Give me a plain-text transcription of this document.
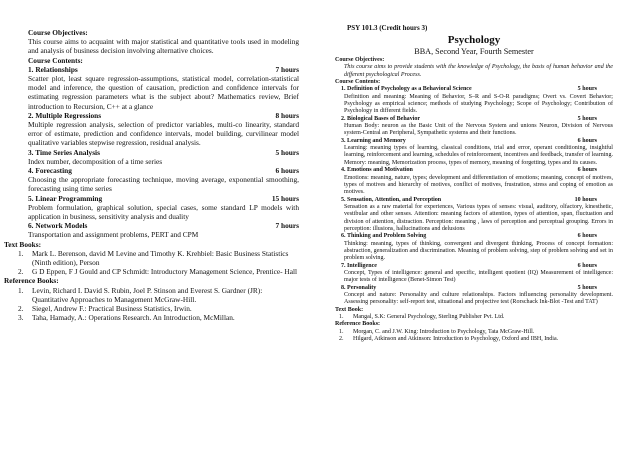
Course Objectives:
This course aims to acquaint with major statistical and quantitative tools used in modeling and analysis of business decision involving alternative choices.
Course Contents:
1. Relationships	7 hours
Scatter plot, least square regression-assumptions, statistical model, correlation-statistical model and inference, the question of causation, prediction and confidence intervals for estimating regression parameters what is the subject about? Mathematics review, Brief introduction to Recursion, C++ at a glance
2. Multiple Regressions	8 hours
Multiple regression analysis, selection of predictor variables, multi-co linearity, standard error of estimate, prediction and confidence intervals, model building, curvilinear model qualitative variables stepwise regression, residual analysis.
3. Time Series Analysis	5 hours
Index number, decomposition of a time series
4. Forecasting	6 hours
Choosing the appropriate forecasting technique, moving average, exponential smoothing, forecasting using time series
5. Linear Programming	15 hours
Problem formulation, graphical solution, special cases, some standard LP models with application in business, sensitivity analysis and duality
6. Network Models	7 hours
Transportation and assignment problems, PERT and CPM
Text Books:
1.	Mark L. Berenson, david M Levine and Timothy K. Krehbiel: Basic Business Statistics (Ninth edition), Person
2.	G D Eppen, F J Gould and CP Schmidt: Introductory Management Science, Prentice- Hall
Reference Books:
1.	Levin, Richard I. David S. Rubin, Joel P. Stinson and Everest S. Gardner (JR): Quantitative Approaches to Management McGraw-Hill.
2.	Siegel, Andrew F.: Practical Business Statistics, Irwin.
3.	Taha, Hamady, A.: Operations Research. An Introduction, McMillan.
PSY 101.3 (Credit hours 3)
Psychology
BBA, Second Year, Fourth Semester
Course Objectives:
This course aims to provide students with the knowledge of Psychology, the basis of human behavior and the different psychological Process.
Course Contents:
1. Definition of Psychology as a Behavioral Science	5 hours
Definition and meaning: Meaning of Behavior, S–R and S-O-R paradigms; Overt vs. Covert Behavior; Psychology as empirical science; methods of studying Psychology; Scope of Psychology; Contribution of Psychology in different fields.
2. Biological Bases of Behavior	5 hours
Human Body: neuron as the Basic Unit of the Nervous System and unions Neuron, Division of Nervous system-Central an Peripheral, Sympathetic systems and their functions.
3. Learning and Memory	6 hours
Learning: meaning types of learning, classical conditions, trial and error, operant conditioning, insightful learning, reinforcement and learning, schedules of reinforcement, incentives and feedback, transfer of learning. Memory: meaning, Memorization process, types of memory, meaning of forgetting, types and its causes.
4. Emotions and Motivation	6 hours
Emotions: meaning, nature, types; development and differentiation of emotions; meaning, concept of motives, types of motives and hierarchy of motives, conflict of motives, frustration, stress and coping of emotion as motives.
5. Sensation, Attention, and Perception	10 hours
Sensation as a raw material for experiences, Various types of senses: visual, auditory, olfactory, kinesthetic, vestibular and other senses. Attention: meaning factors of attention, types of attention, span, fluctuation and division of attention, distraction. Perception: meaning , laws of perception and perceptual grouping. Errors in perception: illusions, hallucinations and delusions
6. Thinking and Problem Solving	6 hours
Thinking: meaning, types of thinking, convergent and divergent thinking, Process of concept formation: abstraction, generalization and discrimination. Meaning of problem solving, step of problem solving and set in problem solving.
7. Intelligence	6 hours
Concept, Types of intelligence: general and specific, intelligent quotient (IQ) Measurement of intelligence: major tests of intelligence (Benet-Simon Test)
8. Personality	5 hours
Concept and nature: Personality and culture relationships. Factors influencing personality development. Assessing personality: self-report test, situational and projective test (Rorschack Ink-Blot -Test and TAT)
Text Book:
1.	Mangal, S.K: General Psychology, Sterling Publisher Pvt. Ltd.
Reference Books:
1.	Morgan, C. and J.W. King: Introduction to Psychology, Tata McGraw-Hill.
2.	Hilgard, Atkinson and Atkinson: Introduction to Psychology, Oxford and IBH, India.
